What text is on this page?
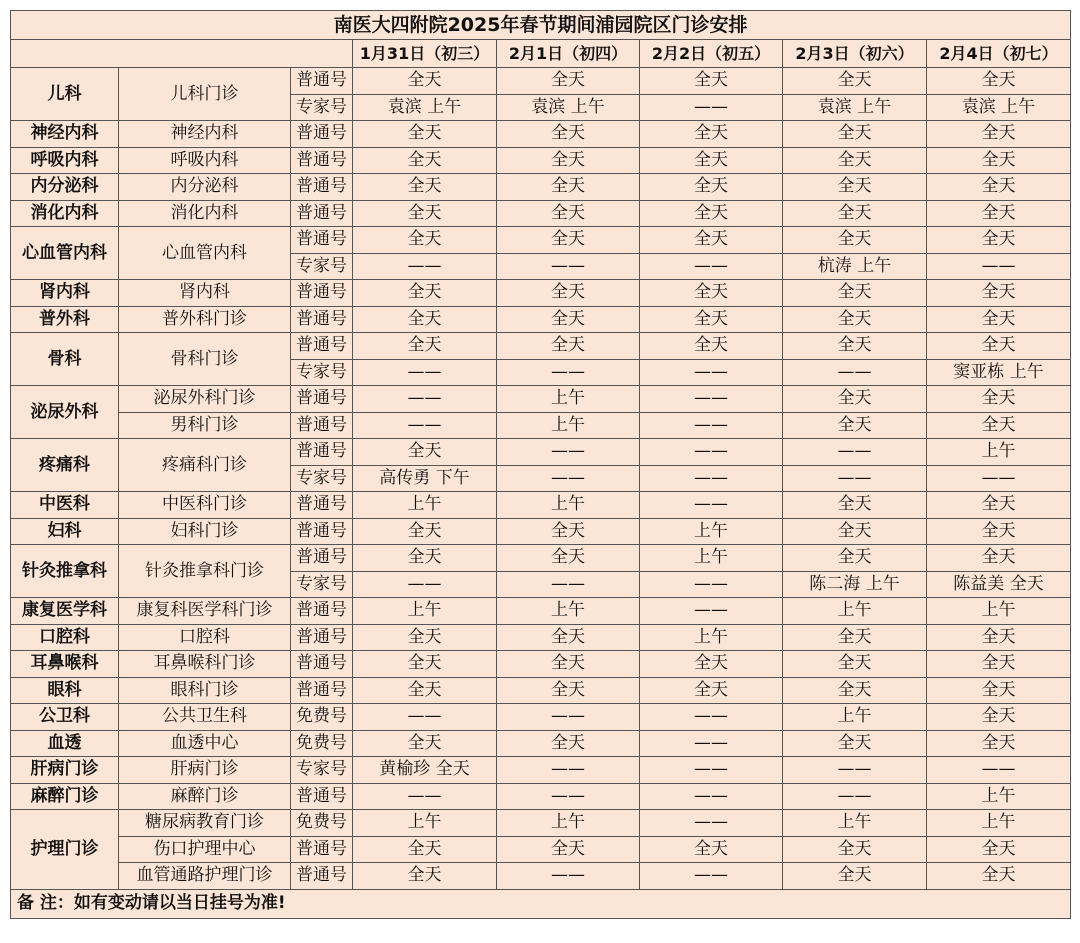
南医大四附院2025年春节期间浦园院区门诊安排							
			1月31日（初三）	2月1日（初四）	2月2日（初五）	2月3日（初六）	2月4日（初七）
儿科	儿科门诊	普通号	全天	全天	全天	全天	全天
		专家号	袁滨 上午	袁滨 上午	——	袁滨 上午	袁滨 上午
神经内科	神经内科	普通号	全天	全天	全天	全天	全天
呼吸内科	呼吸内科	普通号	全天	全天	全天	全天	全天
内分泌科	内分泌科	普通号	全天	全天	全天	全天	全天
消化内科	消化内科	普通号	全天	全天	全天	全天	全天
心血管内科	心血管内科	普通号	全天	全天	全天	全天	全天
		专家号	——	——	——	杭涛 上午	——
肾内科	肾内科	普通号	全天	全天	全天	全天	全天
普外科	普外科门诊	普通号	全天	全天	全天	全天	全天
骨科	骨科门诊	普通号	全天	全天	全天	全天	全天
		专家号	——	——	——	——	窦亚栋 上午
泌尿外科	泌尿外科门诊	普通号	——	上午	——	全天	全天
	男科门诊	普通号	——	上午	——	全天	全天
疼痛科	疼痛科门诊	普通号	全天	——	——	——	上午
		专家号	高传勇 下午	——	——	——	——
中医科	中医科门诊	普通号	上午	上午	——	全天	全天
妇科	妇科门诊	普通号	全天	全天	上午	全天	全天
针灸推拿科	针灸推拿科门诊	普通号	全天	全天	上午	全天	全天
		专家号	——	——	——	陈二海 上午	陈益美 全天
康复医学科	康复科医学科门诊	普通号	上午	上午	——	上午	上午
口腔科	口腔科	普通号	全天	全天	上午	全天	全天
耳鼻喉科	耳鼻喉科门诊	普通号	全天	全天	全天	全天	全天
眼科	眼科门诊	普通号	全天	全天	全天	全天	全天
公卫科	公共卫生科	免费号	——	——	——	上午	全天
血透	血透中心	免费号	全天	全天	——	全天	全天
肝病门诊	肝病门诊	专家号	黄榆珍 全天	——	——	——	——
麻醉门诊	麻醉门诊	普通号	——	——	——	——	上午
护理门诊	糖尿病教育门诊	免费号	上午	上午	——	上午	上午
	伤口护理中心	普通号	全天	全天	全天	全天	全天
	血管通路护理门诊	普通号	全天	——	——	全天	全天
备 注：如有变动请以当日挂号为准!							
